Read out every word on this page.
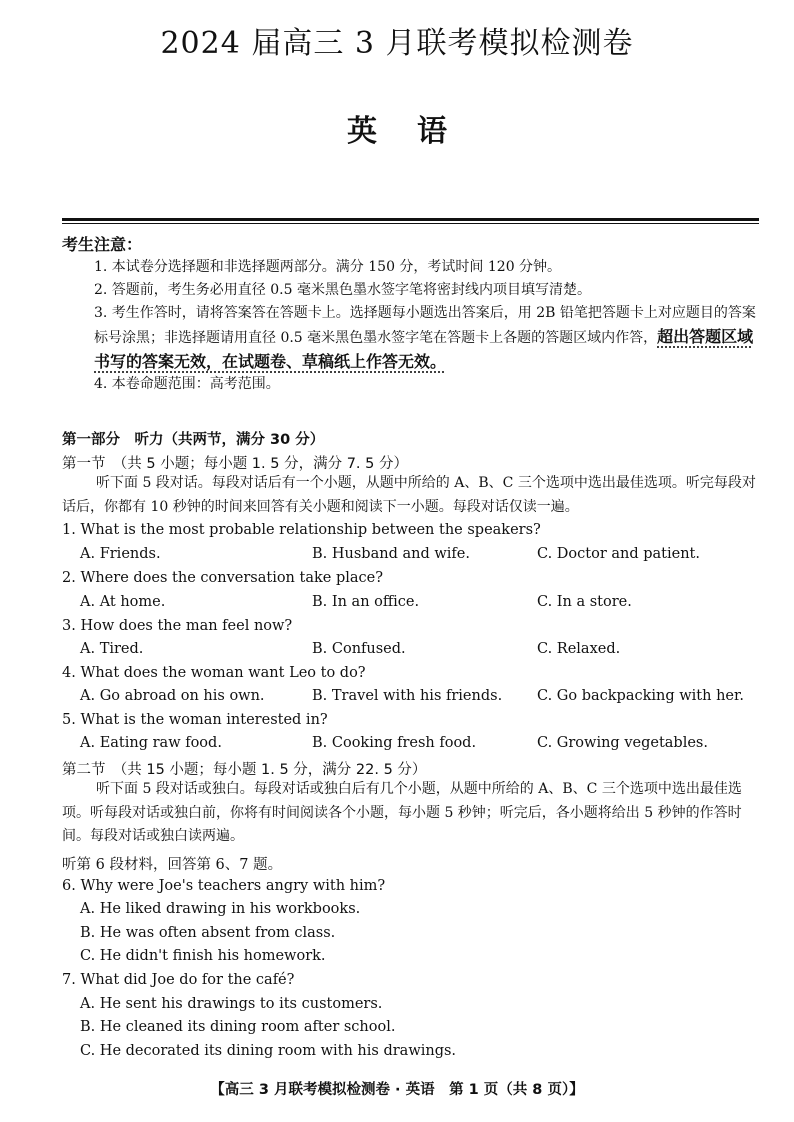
2024 届高三 3 月联考模拟检测卷
英语
考生注意：
1. 本试卷分选择题和非选择题两部分。满分 150 分，考试时间 120 分钟。
2. 答题前，考生务必用直径 0.5 毫米黑色墨水签字笔将密封线内项目填写清楚。
3. 考生作答时，请将答案答在答题卡上。选择题每小题选出答案后，用 2B 铅笔把答题卡上对应题目的答案标号涂黑；非选择题请用直径 0.5 毫米黑色墨水签字笔在答题卡上各题的答题区域内作答，超出答题区域书写的答案无效，在试题卷、草稿纸上作答无效。
4. 本卷命题范围：高考范围。
第一部分　听力（共两节，满分 30 分）
第一节　（共 5 小题；每小题 1. 5 分，满分 7. 5 分）
听下面 5 段对话。每段对话后有一个小题，从题中所给的 A、B、C 三个选项中选出最佳选项。听完每段对话后，你都有 10 秒钟的时间来回答有关小题和阅读下一小题。每段对话仅读一遍。
1. What is the most probable relationship between the speakers?
A. Friends.	B. Husband and wife.	C. Doctor and patient.
2. Where does the conversation take place?
A. At home.	B. In an office.	C. In a store.
3. How does the man feel now?
A. Tired.	B. Confused.	C. Relaxed.
4. What does the woman want Leo to do?
A. Go abroad on his own.	B. Travel with his friends. C. Go backpacking with her.
5. What is the woman interested in?
A. Eating raw food.	B. Cooking fresh food.	C. Growing vegetables.
第二节　（共 15 小题；每小题 1. 5 分，满分 22. 5 分）
听下面 5 段对话或独白。每段对话或独白后有几个小题，从题中所给的 A、B、C 三个选项中选出最佳选项。听每段对话或独白前，你将有时间阅读各个小题，每小题 5 秒钟；听完后，各小题将给出 5 秒钟的作答时间。每段对话或独白读两遍。
听第 6 段材料，回答第 6、7 题。
6. Why were Joe's teachers angry with him?
A. He liked drawing in his workbooks.
B. He was often absent from class.
C. He didn't finish his homework.
7. What did Joe do for the café?
A. He sent his drawings to its customers.
B. He cleaned its dining room after school.
C. He decorated its dining room with his drawings.
【高三 3 月联考模拟检测卷 · 英语　第 1 页（共 8 页）】
